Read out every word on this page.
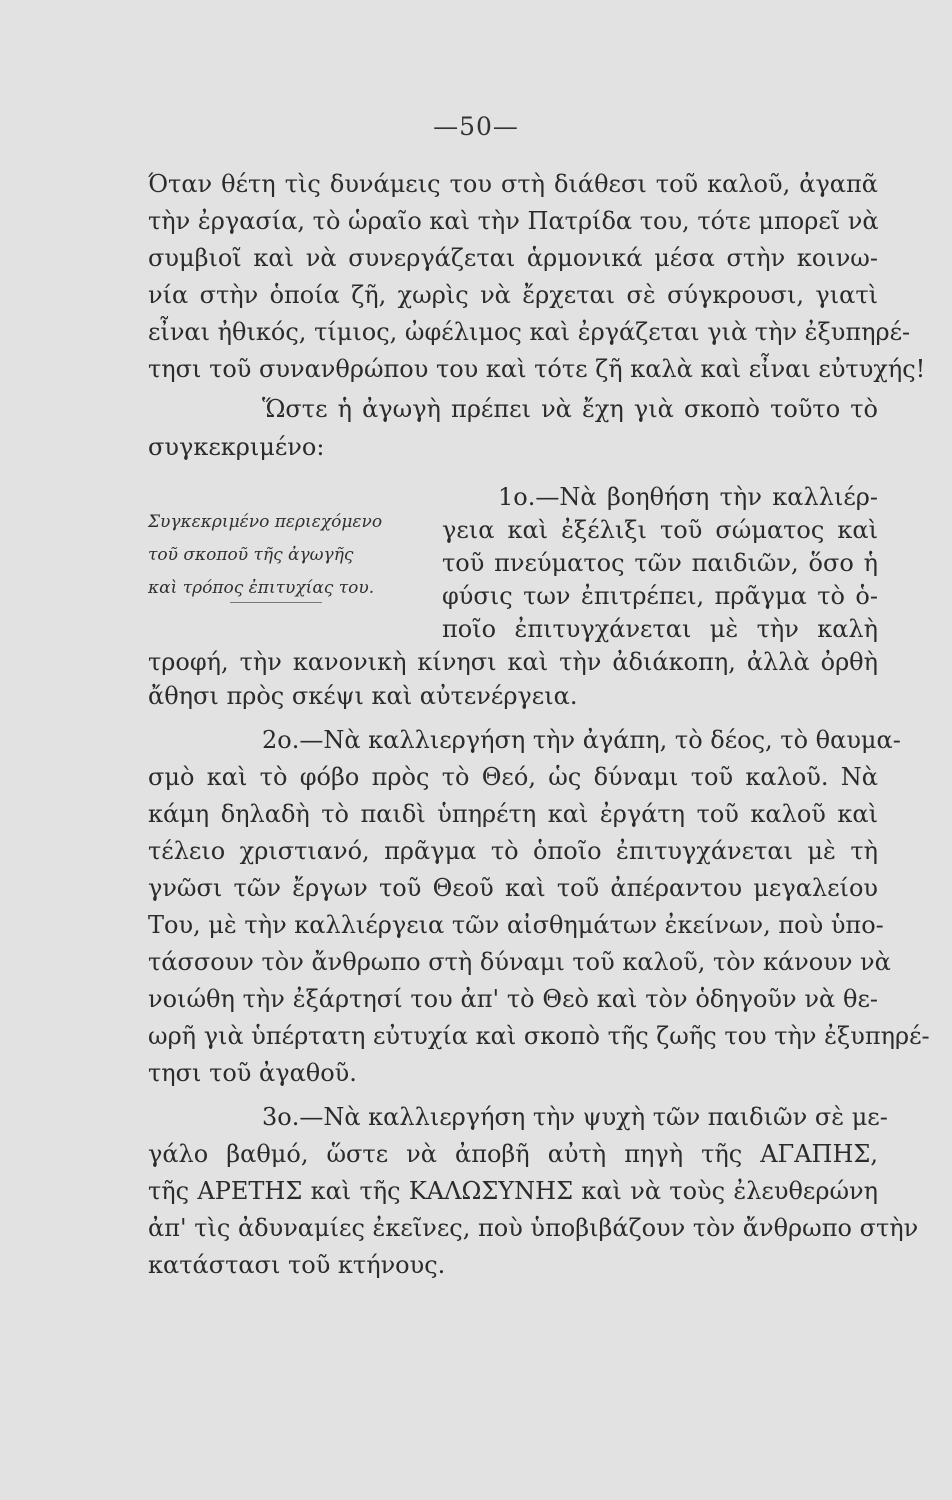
—50—
Όταν θέτη τὶς δυνάμεις του στὴ διάθεσι τοῦ καλοῦ, ἀγαπᾶ
τὴν ἐργασία, τὸ ὡραῖο καὶ τὴν Πατρίδα του, τότε μπορεῖ νὰ
συμβιοῖ καὶ νὰ συνεργάζεται ἁρμονικά μέσα στὴν κοινω-
νία στὴν ὁποία ζῆ, χωρὶς νὰ ἔρχεται σὲ σύγκρουσι, γιατὶ
εἶναι ἠθικός, τίμιος, ὠφέλιμος καὶ ἐργάζεται γιὰ τὴν ἐξυπηρέ-
τησι τοῦ συνανθρώπου του καὶ τότε ζῆ καλὰ καὶ εἶναι εὐτυχής!
Ὥστε ἡ ἀγωγὴ πρέπει νὰ ἔχη γιὰ σκοπὸ τοῦτο τὸ
συγκεκριμένο:
1ο.—Νὰ βοηθήση τὴν καλλιέρ-
γεια καὶ ἐξέλιξι τοῦ σώματος καὶ
τοῦ πνεύματος τῶν παιδιῶν, ὅσο ἡ
φύσις των ἐπιτρέπει, πρᾶγμα τὸ ὁ-
ποῖο ἐπιτυγχάνεται μὲ τὴν καλὴ
Συγκεκριμένο περιεχόμενο
τοῦ σκοποῦ τῆς ἀγωγῆς
καὶ τρόπος ἐπιτυχίας του.
τροφή, τὴν κανονικὴ κίνησι καὶ τὴν ἀδιάκοπη, ἀλλὰ ὀρθὴ
ἄθησι πρὸς σκέψι καὶ αὐτενέργεια.
2ο.—Νὰ καλλιεργήση τὴν ἀγάπη, τὸ δέος, τὸ θαυμα-
σμὸ καὶ τὸ φόβο πρὸς τὸ Θεό, ὡς δύναμι τοῦ καλοῦ. Νὰ
κάμη δηλαδὴ τὸ παιδὶ ὑπηρέτη καὶ ἐργάτη τοῦ καλοῦ καὶ
τέλειο χριστιανό, πρᾶγμα τὸ ὁποῖο ἐπιτυγχάνεται μὲ τὴ
γνῶσι τῶν ἔργων τοῦ Θεοῦ καὶ τοῦ ἀπέραντου μεγαλείου
Του, μὲ τὴν καλλιέργεια τῶν αἰσθημάτων ἐκείνων, ποὺ ὑπο-
τάσσουν τὸν ἄνθρωπο στὴ δύναμι τοῦ καλοῦ, τὸν κάνουν νὰ
νοιώθη τὴν ἐξάρτησί του ἀπ' τὸ Θεὸ καὶ τὸν ὁδηγοῦν νὰ θε-
ωρῆ γιὰ ὑπέρτατη εὐτυχία καὶ σκοπὸ τῆς ζωῆς του τὴν ἐξυπηρέ-
τησι τοῦ ἀγαθοῦ.
3ο.—Νὰ καλλιεργήση τὴν ψυχὴ τῶν παιδιῶν σὲ με-
γάλο βαθμό, ὥστε νὰ ἀποβῆ αὐτὴ πηγὴ τῆς ΑΓΑΠΗΣ,
τῆς ΑΡΕΤΗΣ καὶ τῆς ΚΑΛΩΣΥΝΗΣ καὶ νὰ τοὺς ἐλευθερώνη
ἀπ' τὶς ἀδυναμίες ἐκεῖνες, ποὺ ὑποβιβάζουν τὸν ἄνθρωπο στὴν
κατάστασι τοῦ κτήνους.
